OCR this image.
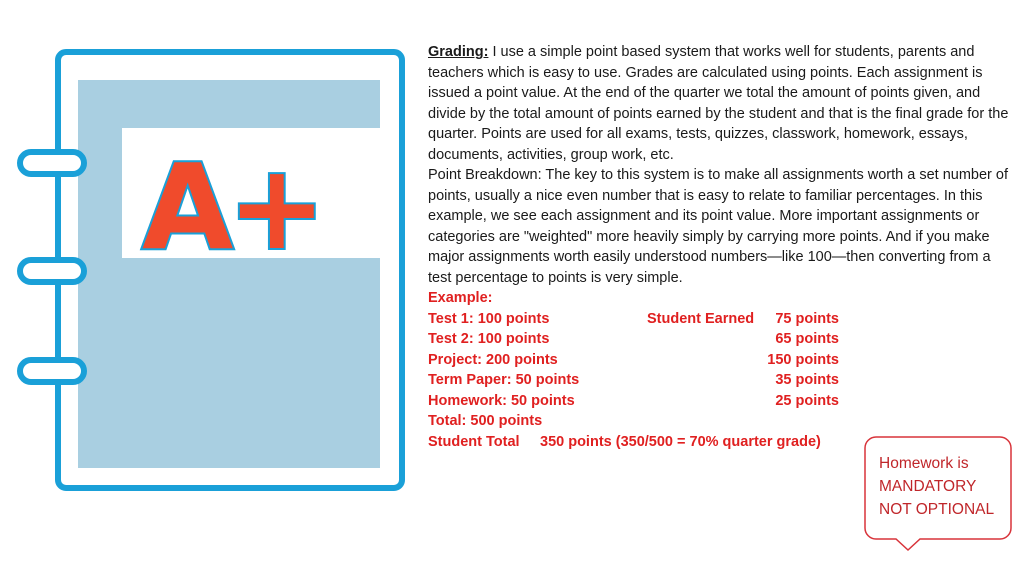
A+

Grading: I use a simple point based system that works well for students, parents and teachers which is easy to use. Grades are calculated using points. Each assignment is issued a point value. At the end of the quarter we total the amount of points given, and divide by the total amount of points earned by the student and that is the final grade for the quarter. Points are used for all exams, tests, quizzes, classwork, homework, essays, documents, activities, group work, etc.

Point Breakdown: The key to this system is to make all assignments worth a set number of points, usually a nice even number that is easy to relate to familiar percentages. In this example, we see each assignment and its point value. More important assignments or categories are "weighted" more heavily simply by carrying more points. And if you make major assignments worth easily understood numbers—like 100—then converting from a test percentage to points is very simple.

Example:
Test 1: 100 points	Student Earned 75 points
Test 2: 100 points	65 points
Project: 200 points	150 points
Term Paper: 50 points	35 points
Homework: 50 points	25 points
Total: 500 points
Student Total 350 points (350/500 = 70% quarter grade)
Homework is
MANDATORY
NOT OPTIONAL
